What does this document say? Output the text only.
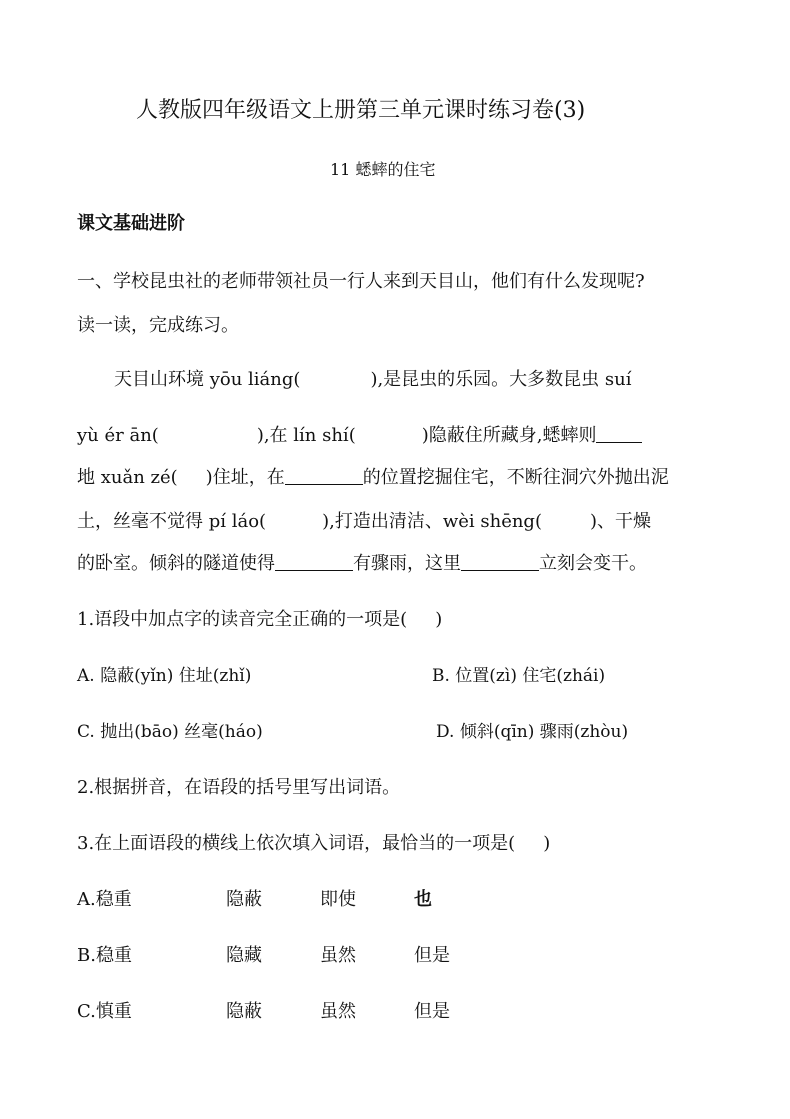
人教版四年级语文上册第三单元课时练习卷(3)
11 蟋蟀的住宅
课文基础进阶
一、学校昆虫社的老师带领社员一行人来到天目山，他们有什么发现呢?
读一读，完成练习。
天目山环境 yōu liáng(	),是昆虫的乐园。大多数昆虫 suí
yù ér ān(	),在 lín shí(	)隐蔽住所藏身,蟋蟀则
地 xuǎn zé( )住址，在	的位置挖掘住宅，不断往洞穴外抛出泥
土，丝毫不觉得 pí láo(	),打造出清洁、wèi shēng(	)、干燥
的卧室。倾斜的隧道使得	有骤雨，这里	立刻会变干。
1.语段中加点字的读音完全正确的一项是( )
A. 隐蔽(yǐn) 住址(zhǐ)	B. 位置(zì) 住宅(zhái)
C. 抛出(bāo) 丝毫(háo)	D. 倾斜(qīn) 骤雨(zhòu)
2.根据拼音，在语段的括号里写出词语。
3.在上面语段的横线上依次填入词语，最恰当的一项是( )
A.稳重	隐蔽	即使	也
B.稳重	隐藏	虽然	但是
C.慎重	隐蔽	虽然	但是
